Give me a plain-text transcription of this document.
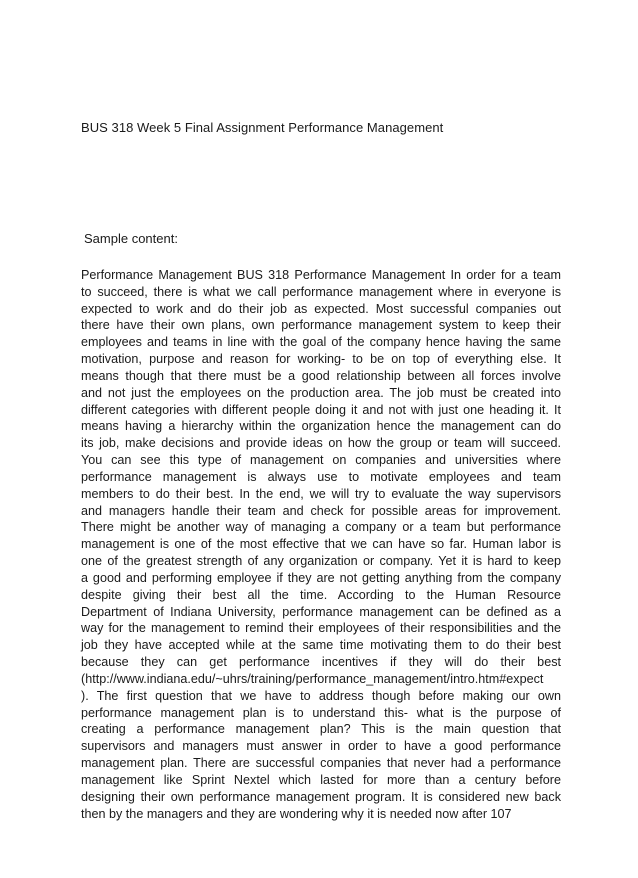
BUS 318 Week 5 Final Assignment Performance Management
Sample content:
Performance Management BUS 318 Performance Management In order for a team
to succeed, there is what we call performance management where in everyone is
expected to work and do their job as expected. Most successful companies out
there have their own plans, own performance management system to keep their
employees and teams in line with the goal of the company hence having the same
motivation, purpose and reason for working- to be on top of everything else. It
means though that there must be a good relationship between all forces involve
and not just the employees on the production area. The job must be created into
different categories with different people doing it and not with just one heading it. It
means having a hierarchy within the organization hence the management can do
its job, make decisions and provide ideas on how the group or team will succeed.
You can see this type of management on companies and universities where
performance management is always use to motivate employees and team
members to do their best. In the end, we will try to evaluate the way supervisors
and managers handle their team and check for possible areas for improvement.
There might be another way of managing a company or a team but performance
management is one of the most effective that we can have so far. Human labor is
one of the greatest strength of any organization or company. Yet it is hard to keep
a good and performing employee if they are not getting anything from the company
despite giving their best all the time. According to the Human Resource
Department of Indiana University, performance management can be defined as a
way for the management to remind their employees of their responsibilities and the
job they have accepted while at the same time motivating them to do their best
because they can get performance incentives if they will do their best
(http://www.indiana.edu/~uhrs/training/performance_management/intro.htm#expect
). The first question that we have to address though before making our own
performance management plan is to understand this- what is the purpose of
creating a performance management plan? This is the main question that
supervisors and managers must answer in order to have a good performance
management plan. There are successful companies that never had a performance
management like Sprint Nextel which lasted for more than a century before
designing their own performance management program. It is considered new back
then by the managers and they are wondering why it is needed now after 107
